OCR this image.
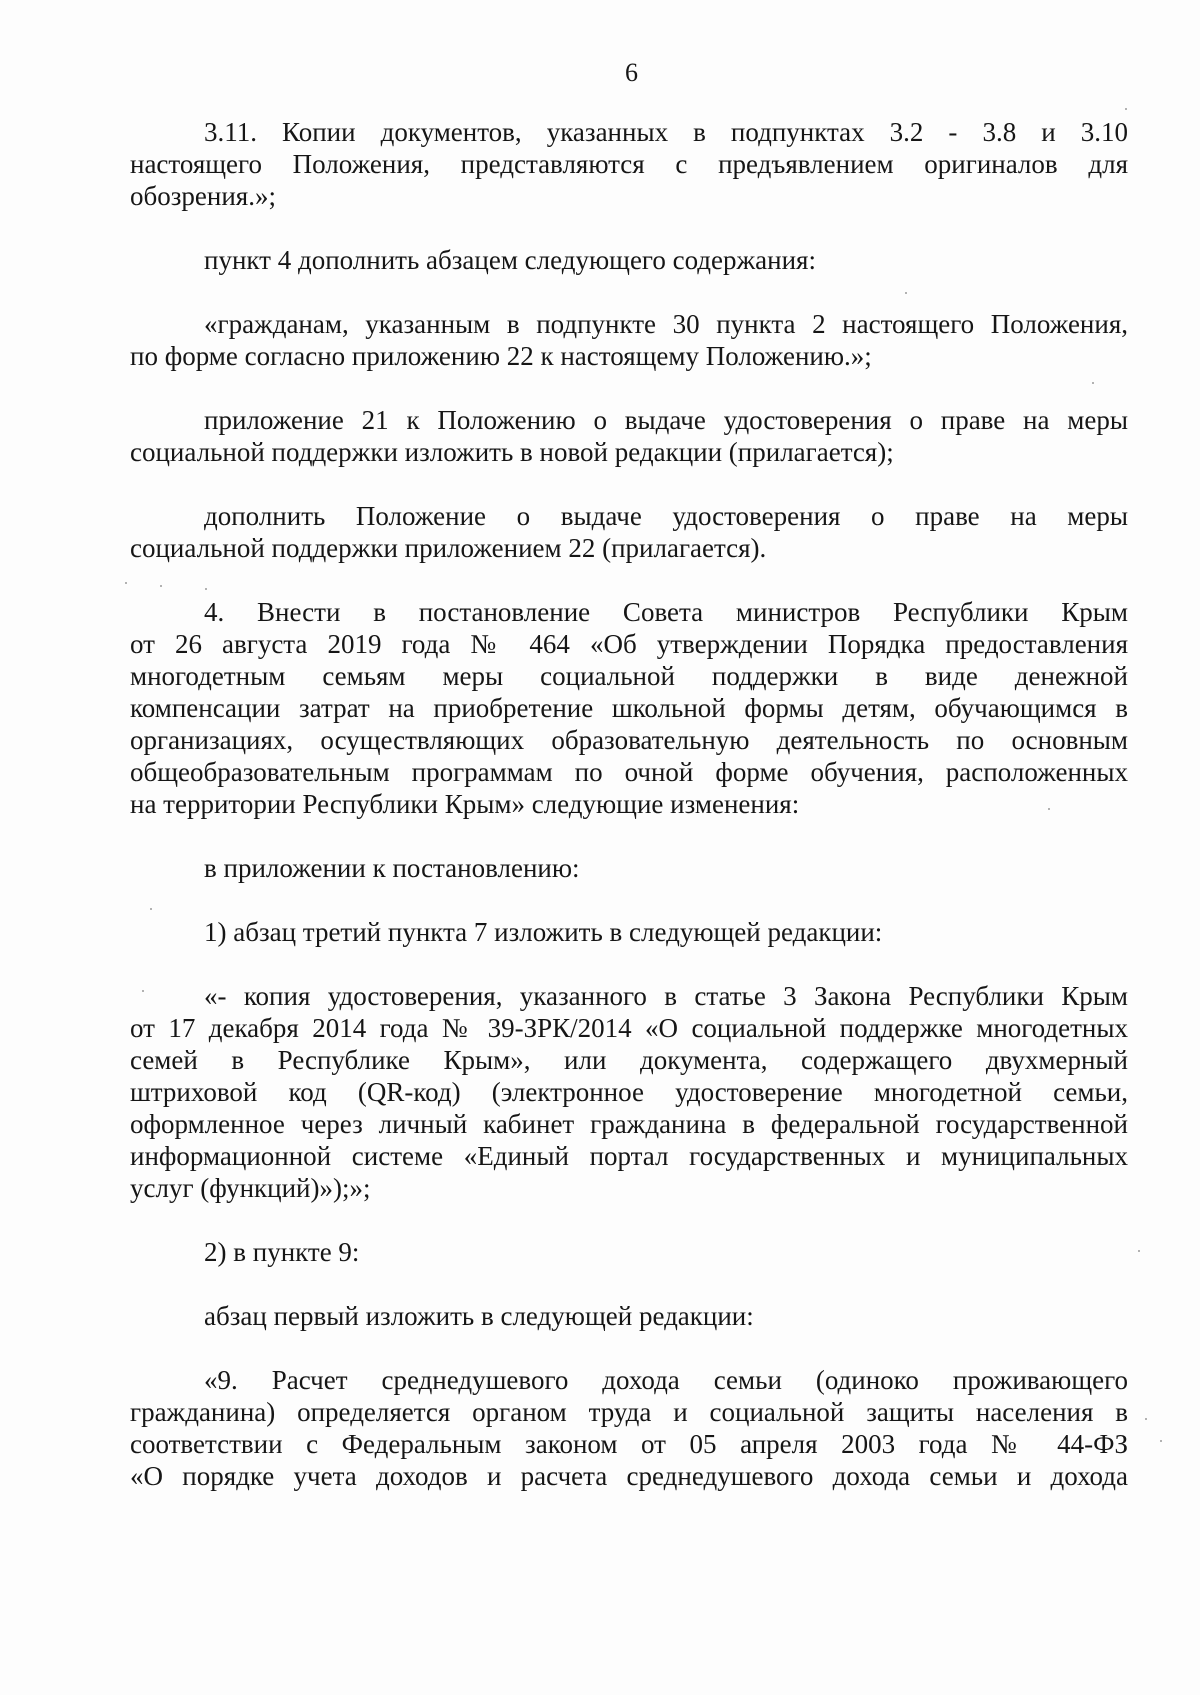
6
3.11. Копии документов, указанных в подпунктах 3.2 - 3.8 и 3.10
настоящего Положения, представляются с предъявлением оригиналов для
обозрения.»;
пункт 4 дополнить абзацем следующего содержания:
«гражданам, указанным в подпункте 30 пункта 2 настоящего Положения,
по форме согласно приложению 22 к настоящему Положению.»;
приложение 21 к Положению о выдаче удостоверения о праве на меры
социальной поддержки изложить в новой редакции (прилагается);
дополнить Положение о выдаче удостоверения о праве на меры
социальной поддержки приложением 22 (прилагается).
4. Внести в постановление Совета министров Республики Крым
от 26 августа 2019 года № 464 «Об утверждении Порядка предоставления
многодетным семьям меры социальной поддержки в виде денежной
компенсации затрат на приобретение школьной формы детям, обучающимся в
организациях, осуществляющих образовательную деятельность по основным
общеобразовательным программам по очной форме обучения, расположенных
на территории Республики Крым» следующие изменения:
в приложении к постановлению:
1) абзац третий пункта 7 изложить в следующей редакции:
«- копия удостоверения, указанного в статье 3 Закона Республики Крым
от 17 декабря 2014 года № 39-ЗРК/2014 «О социальной поддержке многодетных
семей в Республике Крым», или документа, содержащего двухмерный
штриховой код (QR-код) (электронное удостоверение многодетной семьи,
оформленное через личный кабинет гражданина в федеральной государственной
информационной системе «Единый портал государственных и муниципальных
услуг (функций)»);»;
2) в пункте 9:
абзац первый изложить в следующей редакции:
«9. Расчет среднедушевого дохода семьи (одиноко проживающего
гражданина) определяется органом труда и социальной защиты населения в
соответствии с Федеральным законом от 05 апреля 2003 года № 44-ФЗ
«О порядке учета доходов и расчета среднедушевого дохода семьи и дохода
